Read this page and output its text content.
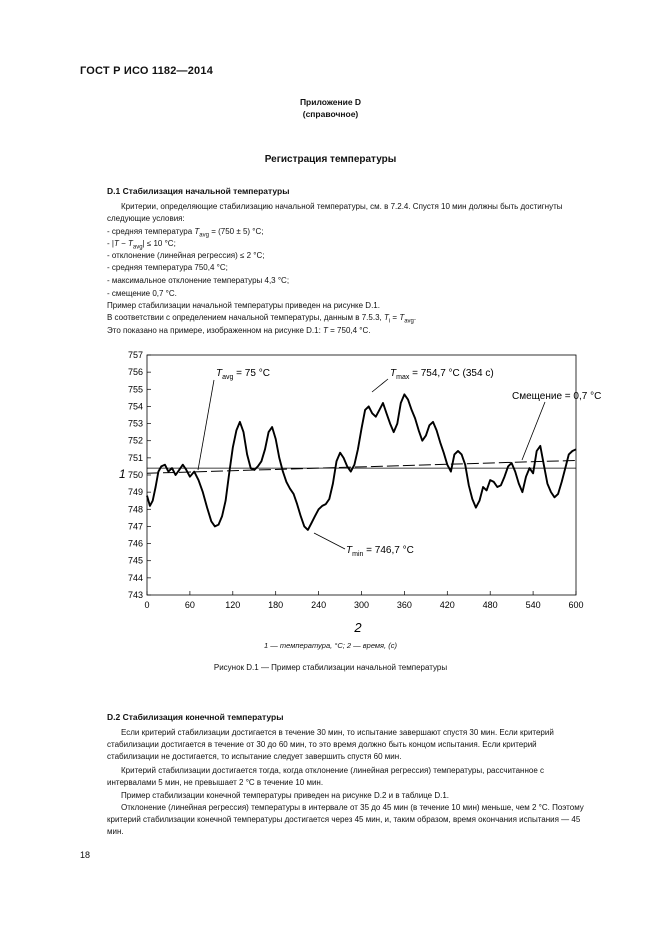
ГОСТ Р ИСО 1182—2014
Приложение D
(справочное)
Регистрация температуры
D.1 Стабилизация начальной температуры
Критерии, определяющие стабилизацию начальной температуры, см. в 7.2.4. Спустя 10 мин должны быть достигнуты следующие условия:
- средняя температура $T_{avg} = (750 \pm 5)$ °C;
- $|T - T_{avg}| \le 10$ °C;
- отклонение (линейная регрессия) ≤ 2 °C;
- средняя температура 750,4 °C;
- максимальное отклонение температуры 4,3 °C;
- смещение 0,7 °C.
Пример стабилизации начальной температуры приведен на рисунке D.1.
В соответствии с определением начальной температуры, данным в 7.5.3, $T_i = T_{avg}$.
Это показано на примере, изображенном на рисунке D.1: T = 750,4 °C.
743
744
745
746
747
748
749
750
751
752
753
754
755
756
757
0	60	120	180	240	300	360	420	480	540	600
1
2
$T_{avg} = 75$ °C	$T_{max} = 754,7$ °C (354 c)
Смещение = 0,7 °С
$T_{min} = 746,7$ °C
1 — температура, °С; 2 — время, (с)
Рисунок D.1 — Пример стабилизации начальной температуры
D.2 Стабилизация конечной температуры
Если критерий стабилизации достигается в течение 30 мин, то испытание завершают спустя 30 мин. Если критерий стабилизации достигается в течение от 30 до 60 мин, то это время должно быть концом испытания. Если критерий стабилизации не достигается, то испытание следует завершить спустя 60 мин.
Критерий стабилизации достигается тогда, когда отклонение (линейная регрессия) температуры, рассчитанное с интервалами 5 мин, не превышает 2 °C в течение 10 мин.
Пример стабилизации конечной температуры приведен на рисунке D.2 и в таблице D.1.
Отклонение (линейная регрессия) температуры в интервале от 35 до 45 мин (в течение 10 мин) меньше, чем 2 °C. Поэтому критерий стабилизации конечной температуры достигается через 45 мин, и, таким образом, время окончания испытания — 45 мин.
18
